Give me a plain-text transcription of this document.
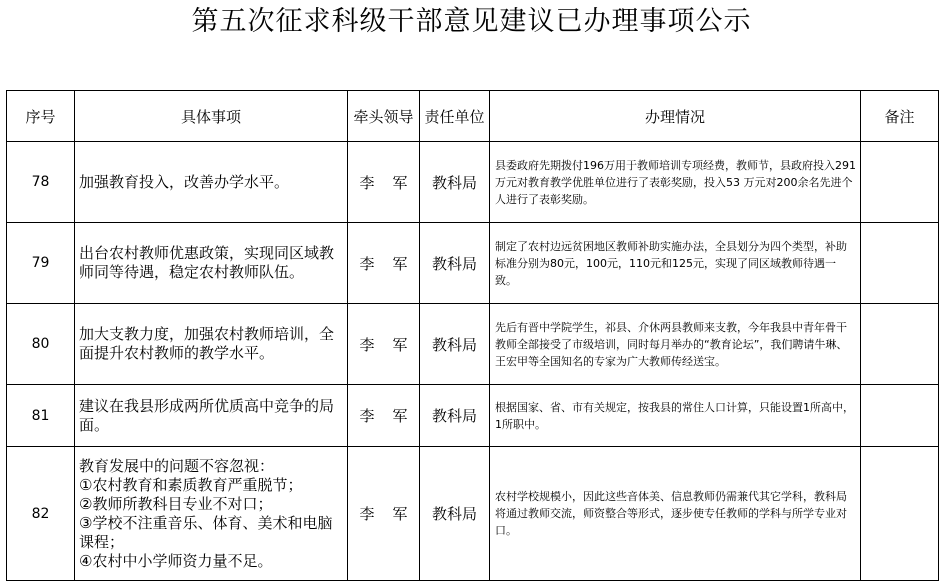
第五次征求科级干部意见建议已办理事项公示
序号	具体事项	牵头领导	责任单位	办理情况	备注
78	加强教育投入，改善办学水平。	李军	教科局	县委政府先期拨付196万用于教师培训专项经费，教师节，县政府投入291万元对教育教学优胜单位进行了表彰奖励，投入53 万元对200余名先进个人进行了表彰奖励。	
79	出台农村教师优惠政策，实现同区域教师同等待遇，稳定农村教师队伍。	李军	教科局	制定了农村边远贫困地区教师补助实施办法，全县划分为四个类型，补助标准分别为80元，100元，110元和125元，实现了同区域教师待遇一致。	
80	加大支教力度，加强农村教师培训，全面提升农村教师的教学水平。	李军	教科局	先后有晋中学院学生，祁县、介休两县教师来支教，今年我县中青年骨干教师全部接受了市级培训，同时每月举办的“教育论坛”，我们聘请牛琳、王宏甲等全国知名的专家为广大教师传经送宝。	
81	建议在我县形成两所优质高中竞争的局面。	李军	教科局	根据国家、省、市有关规定，按我县的常住人口计算，只能设置1所高中，1所职中。	
82	教育发展中的问题不容忽视：
①农村教育和素质教育严重脱节；
②教师所教科目专业不对口；
③学校不注重音乐、体育、美术和电脑课程；
④农村中小学师资力量不足。	李军	教科局	农村学校规模小，因此这些音体美、信息教师仍需兼代其它学科，教科局将通过教师交流，师资整合等形式，逐步使专任教师的学科与所学专业对口。	
